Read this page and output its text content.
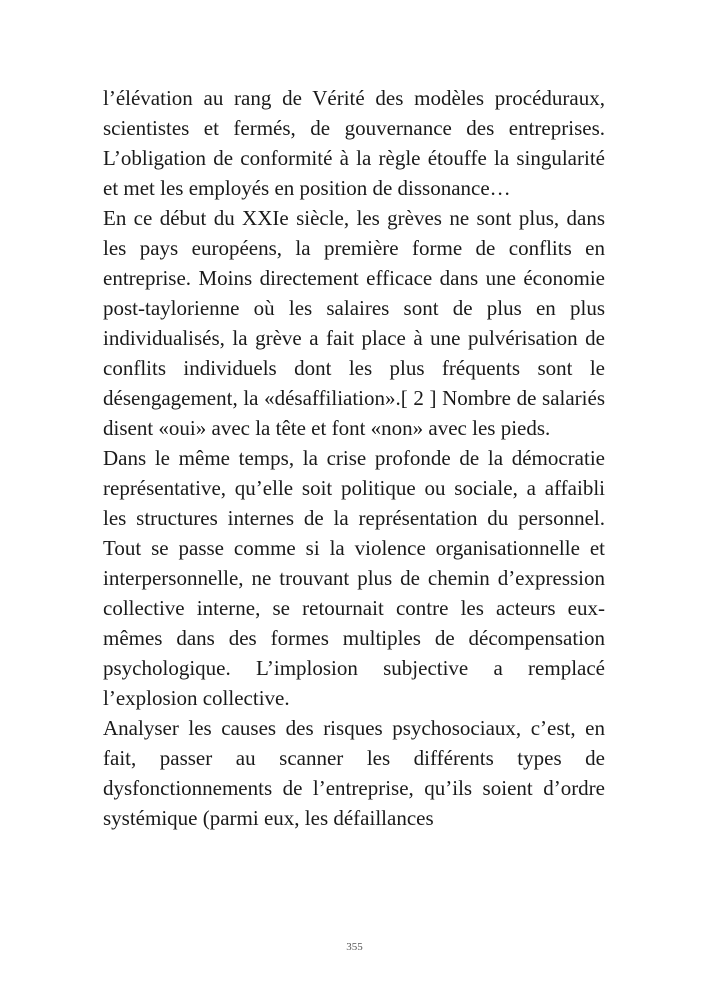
l’élévation au rang de Vérité des modèles procéduraux, scientistes et fermés, de gouvernance des entreprises. L’obligation de conformité à la règle étouffe la singularité et met les employés en position de dissonance…

En ce début du XXIe siècle, les grèves ne sont plus, dans les pays européens, la première forme de conflits en entreprise. Moins directement efficace dans une économie post-taylorienne où les salaires sont de plus en plus individualisés, la grève a fait place à une pulvérisation de conflits individuels dont les plus fréquents sont le désengagement, la «désaffiliation».[ 2 ] Nombre de salariés disent «oui» avec la tête et font «non» avec les pieds.

Dans le même temps, la crise profonde de la démocratie représentative, qu’elle soit politique ou sociale, a affaibli les structures internes de la représentation du personnel. Tout se passe comme si la violence organisationnelle et interpersonnelle, ne trouvant plus de chemin d’expression collective interne, se retournait contre les acteurs eux-mêmes dans des formes multiples de décompensation psychologique. L’implosion subjective a remplacé l’explosion collective.

Analyser les causes des risques psychosociaux, c’est, en fait, passer au scanner les différents types de dysfonctionnements de l’entreprise, qu’ils soient d’ordre systémique (parmi eux, les défaillances

355
